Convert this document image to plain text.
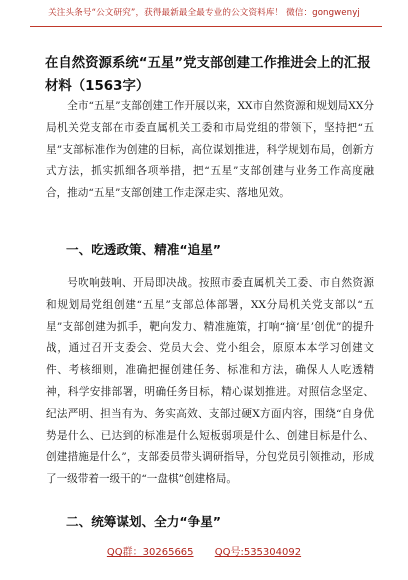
关注头条号“公文研究”，获得最新最全最专业的公文资料库！ 微信：gongwenyj
在自然资源系统“五星”党支部创建工作推进会上的汇报材料（1563字）

全市“五星”支部创建工作开展以来，XX市自然资源和规划局XX分局机关党支部在市委直属机关工委和市局党组的带领下，坚持把“五星”支部标准作为创建的目标，高位谋划推进，科学规划布局，创新方式方法，抓实抓细各项举措，把“五星”支部创建与业务工作高度融合，推动“五星”支部创建工作走深走实、落地见效。

一、吃透政策、精准“追星”

号吹响鼓响、开局即决战。按照市委直属机关工委、市自然资源和规划局党组创建“五星”支部总体部署，XX分局机关党支部以“五星”支部创建为抓手，靶向发力、精准施策，打响“摘‘星’创优”的提升战，通过召开支委会、党员大会、党小组会，原原本本学习创建文件、考核细则，准确把握创建任务、标准和方法，确保人人吃透精神，科学安排部署，明确任务目标，精心谋划推进。对照信念坚定、纪法严明、担当有为、务实高效、支部过硬X方面内容，围绕“自身优势是什么、已达到的标准是什么短板弱项是什么、创建目标是什么、创建措施是什么”，支部委员带头调研指导，分包党员引领推动，形成了一级带着一级干的“一盘棋”创建格局。

二、统筹谋划、全力“争星”
QQ群：30265665 QQ号:535304092
